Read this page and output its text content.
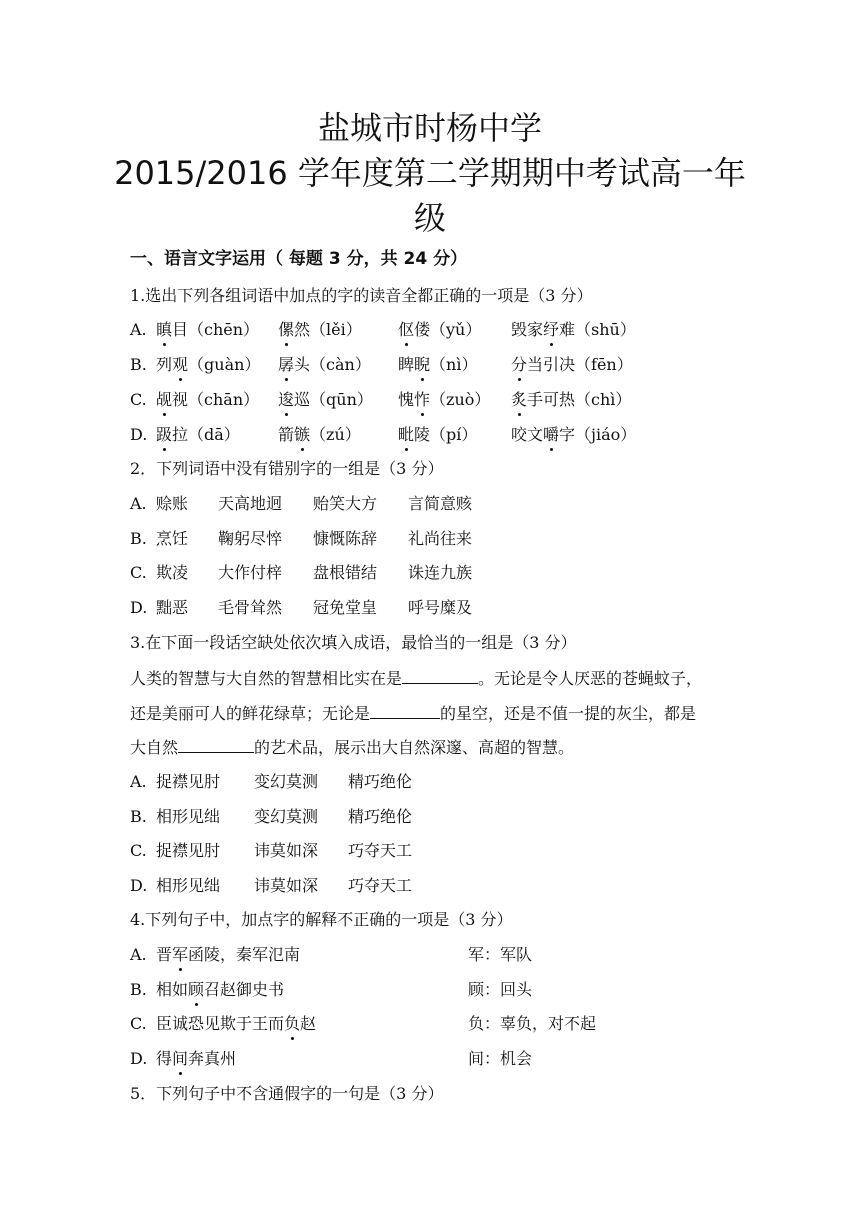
盐城市时杨中学
2015/2016 学年度第二学期期中考试高一年
级
一、语言文字运用（ 每题 3 分，共 24 分）
1.选出下列各组词语中加点的字的读音全都正确的一项是（3 分）
A. 瞋目（chēn） 傫然（lěi） 伛偻（yǔ） 毁家纾难（shū）
B. 列观（guàn） 孱头（càn） 睥睨（nì） 分当引决（fēn）
C. 觇视（chān） 逡巡（qūn） 愧怍（zuò） 炙手可热（chì）
D. 趿拉（dā） 箭镞（zú） 毗陵（pí） 咬文嚼字（jiáo）
2．下列词语中没有错别字的一组是（3 分）
A. 赊账 天高地迥 贻笑大方 言简意赅
B. 烹饪 鞠躬尽悴 慷慨陈辞 礼尚往来
C. 欺凌 大作付梓 盘根错结 诛连九族
D. 黜恶 毛骨耸然 冠免堂皇 呼号糜及
3.在下面一段话空缺处依次填入成语，最恰当的一组是（3 分）
人类的智慧与大自然的智慧相比实在是	。无论是令人厌恶的苍蝇蚊子，
还是美丽可人的鲜花绿草；无论是	的星空，还是不值一提的灰尘，都是
大自然	的艺术品，展示出大自然深邃、高超的智慧。
A. 捉襟见肘 变幻莫测 精巧绝伦
B. 相形见绌 变幻莫测 精巧绝伦
C. 捉襟见肘 讳莫如深 巧夺天工
D. 相形见绌 讳莫如深 巧夺天工
4.下列句子中，加点字的解释不正确的一项是（3 分）
A. 晋军函陵，秦军氾南	军：军队
B. 相如顾召赵御史书	顾：回头
C. 臣诚恐见欺于王而负赵	负：辜负，对不起
D. 得间奔真州	间：机会
5．下列句子中不含通假字的一句是（3 分）
